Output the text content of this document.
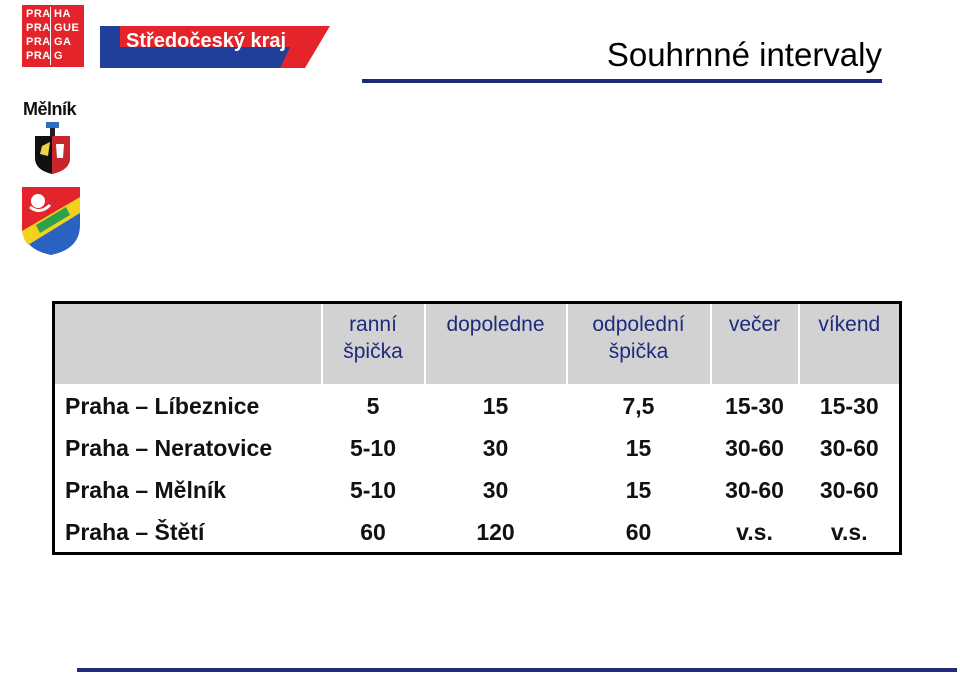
PRA HA
PRA GUE
PRA GA
PRA G
Středočeský kraj	Souhrnné intervaly
Mělník
	ranní špička	dopoledne	odpolední špička	večer	víkend
Praha – Líbeznice	5	15	7,5	15-30	15-30
Praha – Neratovice	5-10	30	15	30-60	30-60
Praha – Mělník	5-10	30	15	30-60	30-60
Praha – Štětí	60	120	60	v.s.	v.s.
